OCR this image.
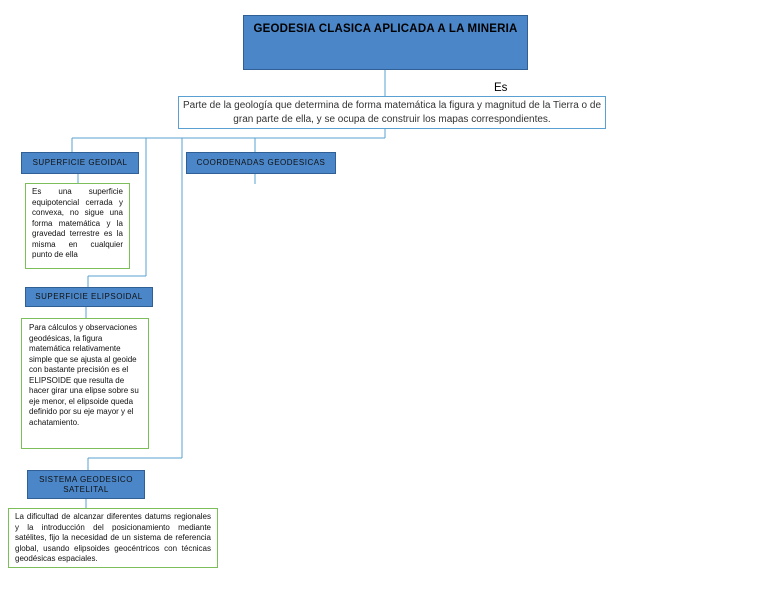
GEODESIA CLASICA APLICADA A LA MINERIA
Es
Parte de la geología que determina de forma matemática la figura y magnitud de la Tierra o de gran parte de ella, y se ocupa de construir los mapas correspondientes.
SUPERFICIE GEOIDAL	COORDENADAS GEODESICAS
Es una superficie equipotencial cerrada y convexa, no sigue una forma matemática y la gravedad terrestre es la misma en cualquier punto de ella
SUPERFICIE ELIPSOIDAL
Para cálculos y observaciones geodésicas, la figura matemática relativamente simple que se ajusta al geoide con bastante precisión es el ELIPSOIDE que resulta de hacer girar una elipse sobre su eje menor, el elipsoide queda definido por su eje mayor y el achatamiento.
SISTEMA GEODESICO SATELITAL
La dificultad de alcanzar diferentes datums regionales y la introducción del posicionamiento mediante satélites, fijo la necesidad de un sistema de referencia global, usando elipsoides geocéntricos con técnicas geodésicas espaciales.
